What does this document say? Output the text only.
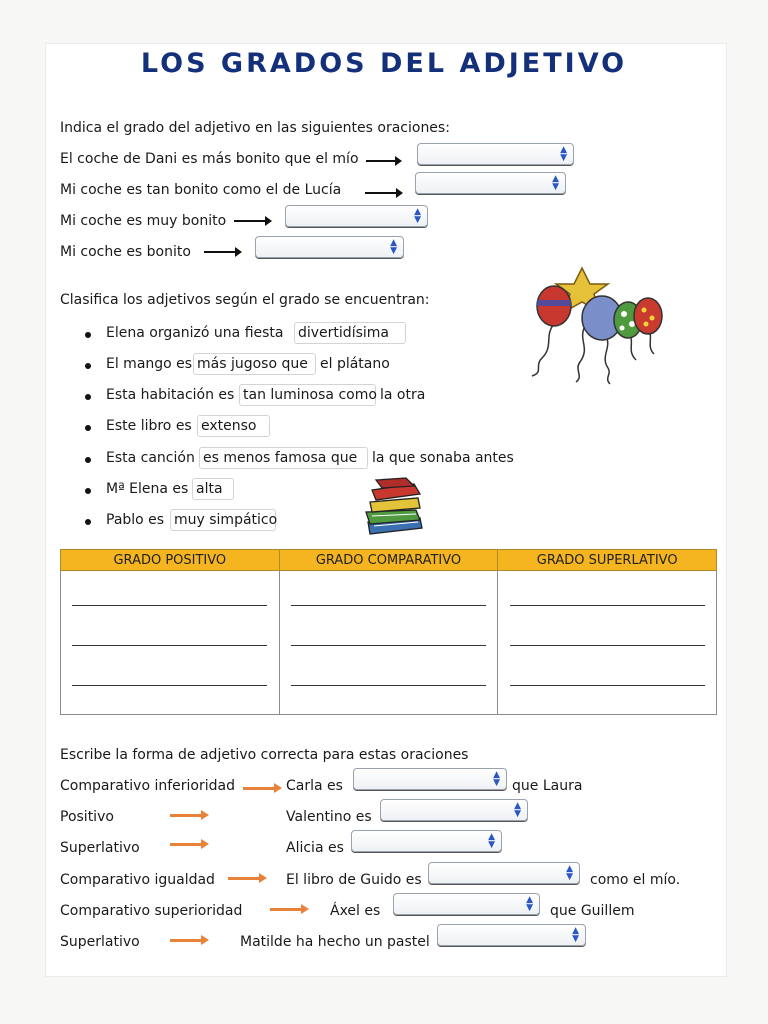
LOS GRADOS DEL ADJETIVO
Indica el grado del adjetivo en las siguientes oraciones:
El coche de Dani es más bonito que el mío
▲
▼
Mi coche es tan bonito como el de Lucía
▲
▼
Mi coche es muy bonito
▲
▼
Mi coche es bonito
▲
▼
Clasifica los adjetivos según el grado se encuentran:
Elena organizó una fiesta divertidísima
El mango es más jugoso que el plátano
Esta habitación es tan luminosa como la otra
Este libro es extenso
Esta canción es menos famosa que	la que sonaba antes
Mª Elena es alta
Pablo es muy simpático
GRADO POSITIVO	GRADO COMPARATIVO	GRADO SUPERLATIVO

Escribe la forma de adjetivo correcta para estas oraciones
Comparativo inferioridad	Carla es
▲
▼ que Laura
Positivo	Valentino es
▲
▼
Superlativo	Alicia es
▲
▼
Comparativo igualdad	El libro de Guido es
▲
▼ como el mío.
Comparativo superioridad	Áxel es
▲
▼ que Guillem
Superlativo	Matilde ha hecho un pastel
▲
▼
